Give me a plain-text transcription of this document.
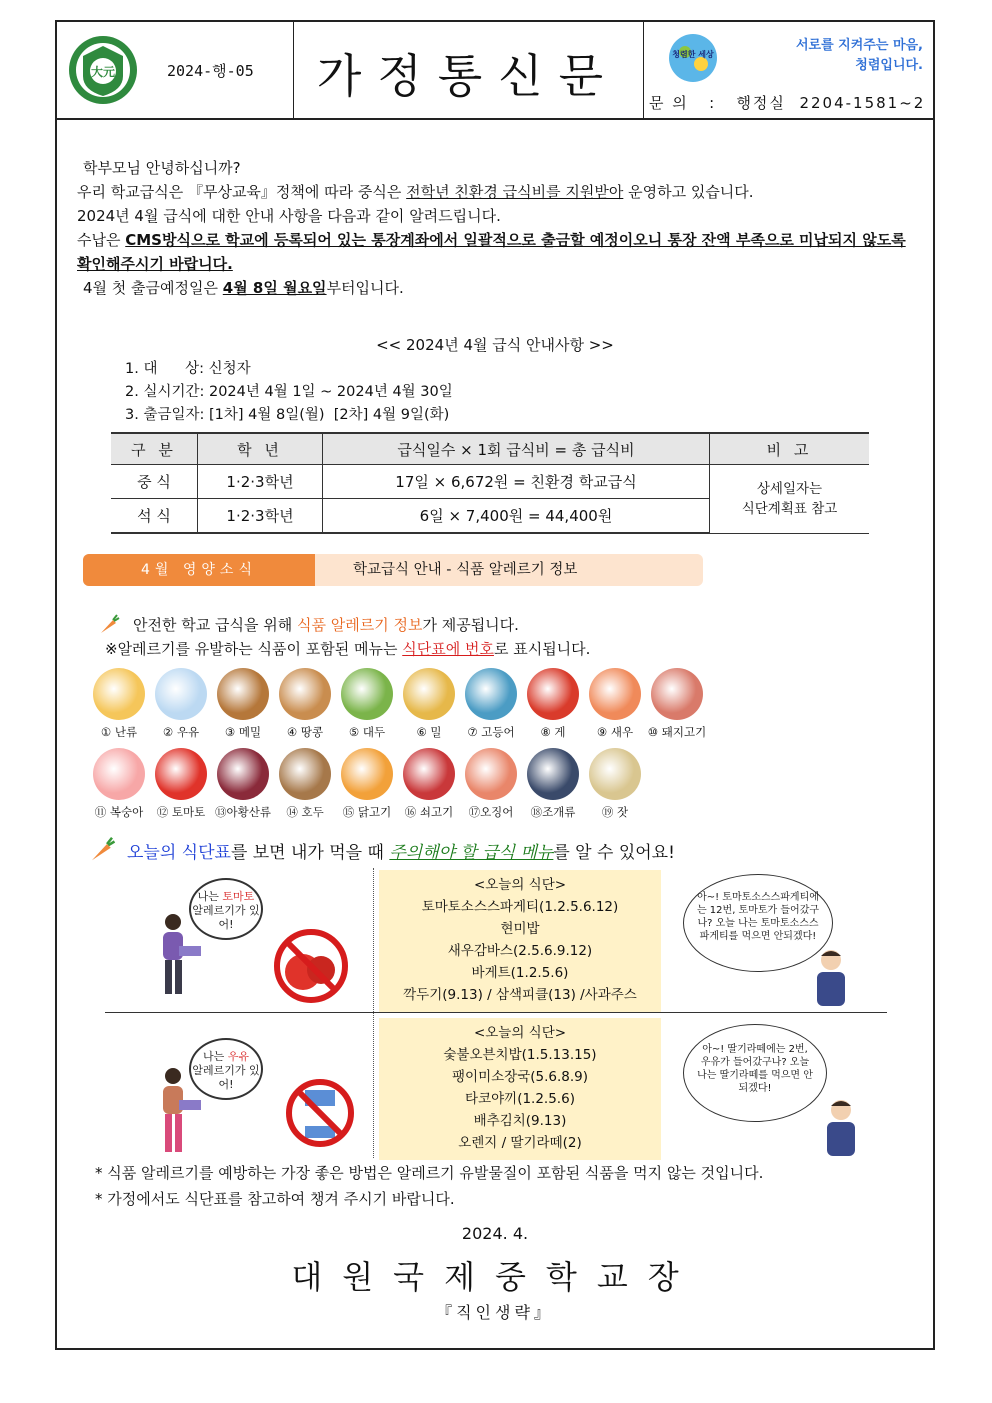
大元	2024-행-05	가정통신문	청렴한 세상
서로를 지켜주는 마음,
청렴입니다.
문 의 : 행정실 2204-1581~2

학부모님 안녕하십니까?

우리 학교급식은 『무상교육』정책에 따라 중식은 전학년 친환경 급식비를 지원받아 운영하고 있습니다.

2024년 4월 급식에 대한 안내 사항을 다음과 같이 알려드립니다.

수납은 CMS방식으로 학교에 등록되어 있는 통장계좌에서 일괄적으로 출금할 예정이오니 통장 잔액 부족으로 미납되지 않도록 확인해주시기 바랍니다.

4월 첫 출금예정일은 4월 8일 월요일부터입니다.

<< 2024년 4월 급식 안내사항 >>
1. 대      상: 신청자
2. 실시기간: 2024년 4월 1일 ~ 2024년 4월 30일
3. 출금일자: [1차] 4월 8일(월)  [2차] 4월 9일(화)
구 분	학 년	급식일수 × 1회 급식비 = 총 급식비	비 고
중 식	1·2·3학년	17일 × 6,672원 = 친환경 학교급식	상세일자는
식단계획표 참고

석 식	1·2·3학년	6일 × 7,400원 = 44,400원	
4월 영양소식	학교급식 안내 - 식품 알레르기 정보
안전한 학교 급식을 위해 식품 알레르기 정보가 제공됩니다.
※알레르기를 유발하는 식품이 포함된 메뉴는 식단표에 번호로 표시됩니다.
① 난류	② 우유	③ 메밀	④ 땅콩	⑤ 대두	⑥ 밀	⑦ 고등어	⑧ 게	⑨ 새우	⑩ 돼지고기
⑪ 복숭아	⑫ 토마토 ⑬아황산류	⑭ 호두	⑮ 닭고기	⑯ 쇠고기	⑰오징어	⑱조개류	⑲ 잣
오늘의 식단표를 보면 내가 먹을 때 주의해야 할 급식 메뉴를 알 수 있어요!
나는 토마토
알레르기가 있어!
<오늘의 식단>
토마토소스스파게티(1.2.5.6.12)
현미밥
새우감바스(2.5.6.9.12)
바게트(1.2.5.6)
깍두기(9.13) / 삼색피클(13) /사과주스
아~! 토마토소스스파게티에는 12번, 토마토가 들어갔구나? 오늘 나는 토마토소스스파게티를 먹으면 안되겠다!
나는 우유
알레르기가 있어!
<오늘의 식단>
숯불오븐치밥(1.5.13.15)
팽이미소장국(5.6.8.9)
타코야끼(1.2.5.6)
배추김치(9.13)
오렌지 / 딸기라떼(2)
아~! 딸기라떼에는 2번, 우유가 들어갔구나? 오늘 나는 딸기라떼를 먹으면 안되겠다!
* 식품 알레르기를 예방하는 가장 좋은 방법은 알레르기 유발물질이 포함된 식품을 먹지 않는 것입니다.
* 가정에서도 식단표를 참고하여 챙겨 주시기 바랍니다.
2024. 4.
대원국제중학교장
『직인생략』
